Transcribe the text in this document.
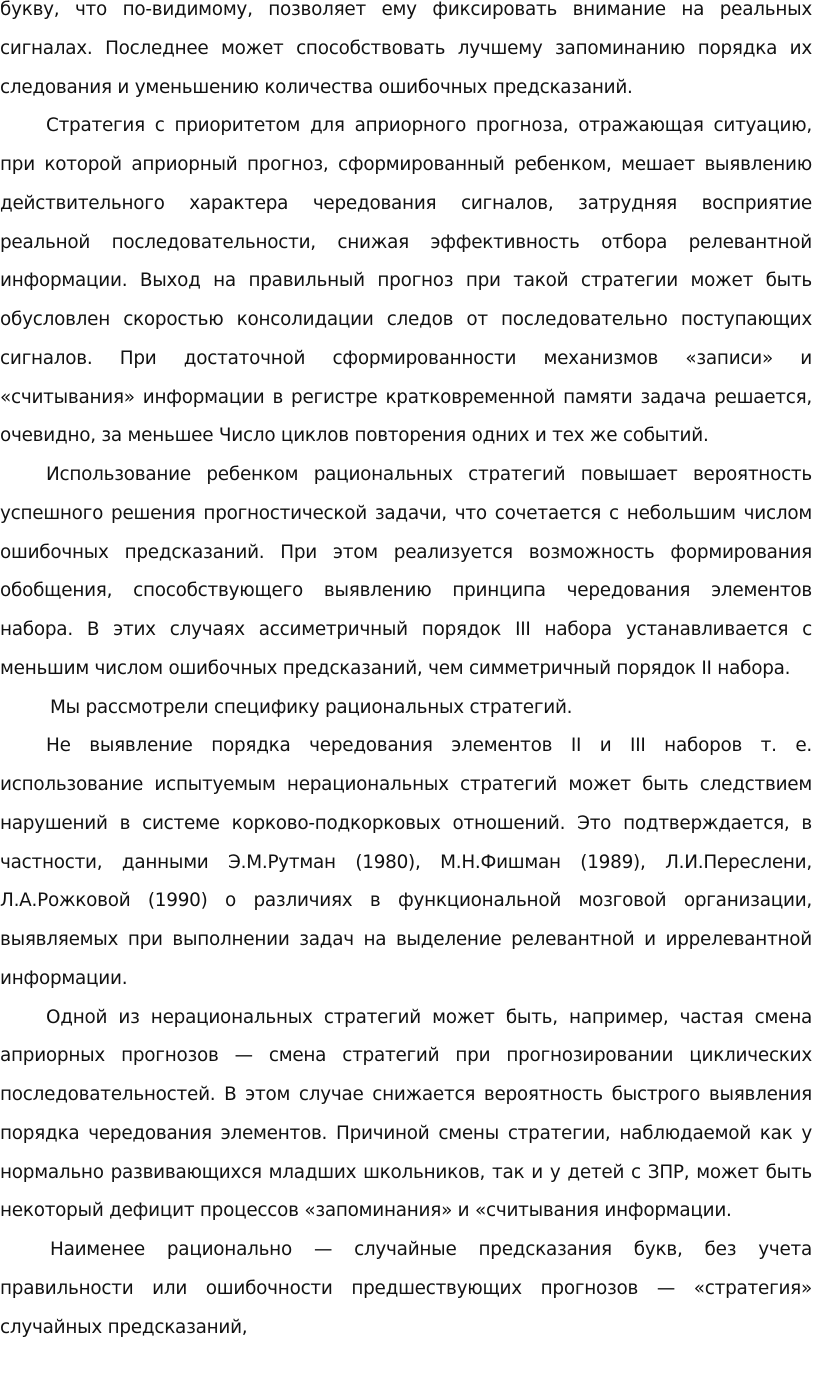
букву, что по-видимому, позволяет ему фиксировать внимание на реальных сигналах. Последнее может способствовать лучшему запоминанию порядка их следования и уменьшению количества ошибочных предсказаний.

Стратегия с приоритетом для априорного прогноза, отражающая ситуацию, при которой априорный прогноз, сформированный ребенком, мешает выявлению действительного характера чередования сигналов, затрудняя восприятие реальной последовательности, снижая эффективность отбора релевантной информации. Выход на правильный прогноз при такой стратегии может быть обусловлен скоростью консолидации следов от последовательно поступающих сигналов. При достаточной сформированности механизмов «записи» и «считывания» информации в регистре кратковременной памяти задача решается, очевидно, за меньшее Число циклов повторения одних и тех же событий.

Использование ребенком рациональных стратегий повышает вероятность успешного решения прогностической задачи, что сочетается с небольшим числом ошибочных предсказаний. При этом реализуется возможность формирования обобщения, способствующего выявлению принципа чередования элементов набора. В этих случаях ассиметричный порядок III набора устанавливается с меньшим числом ошибочных предсказаний, чем симметричный порядок II набора.

Мы рассмотрели специфику рациональных стратегий.

Не выявление порядка чередования элементов II и III наборов т. е. использование испытуемым нерациональных стратегий может быть следствием нарушений в системе корково-подкорковых отношений. Это подтверждается, в частности, данными Э.М.Рутман (1980), М.Н.Фишман (1989), Л.И.Переслени, Л.А.Рожковой (1990) о различиях в функциональной мозговой организации, выявляемых при выполнении задач на выделение релевантной и иррелевантной информации.

Одной из нерациональных стратегий может быть, например, частая смена априорных прогнозов — смена стратегий при прогнозировании циклических последовательностей. В этом случае снижается вероятность быстрого выявления порядка чередования элементов. Причиной смены стратегии, наблюдаемой как у нормально развивающихся младших школьников, так и у детей с ЗПР, может быть некоторый дефицит процессов «запоминания» и «считывания информации.

Наименее рационально — случайные предсказания букв, без учета правильности или ошибочности предшествующих прогнозов — «стратегия» случайных предсказаний,
